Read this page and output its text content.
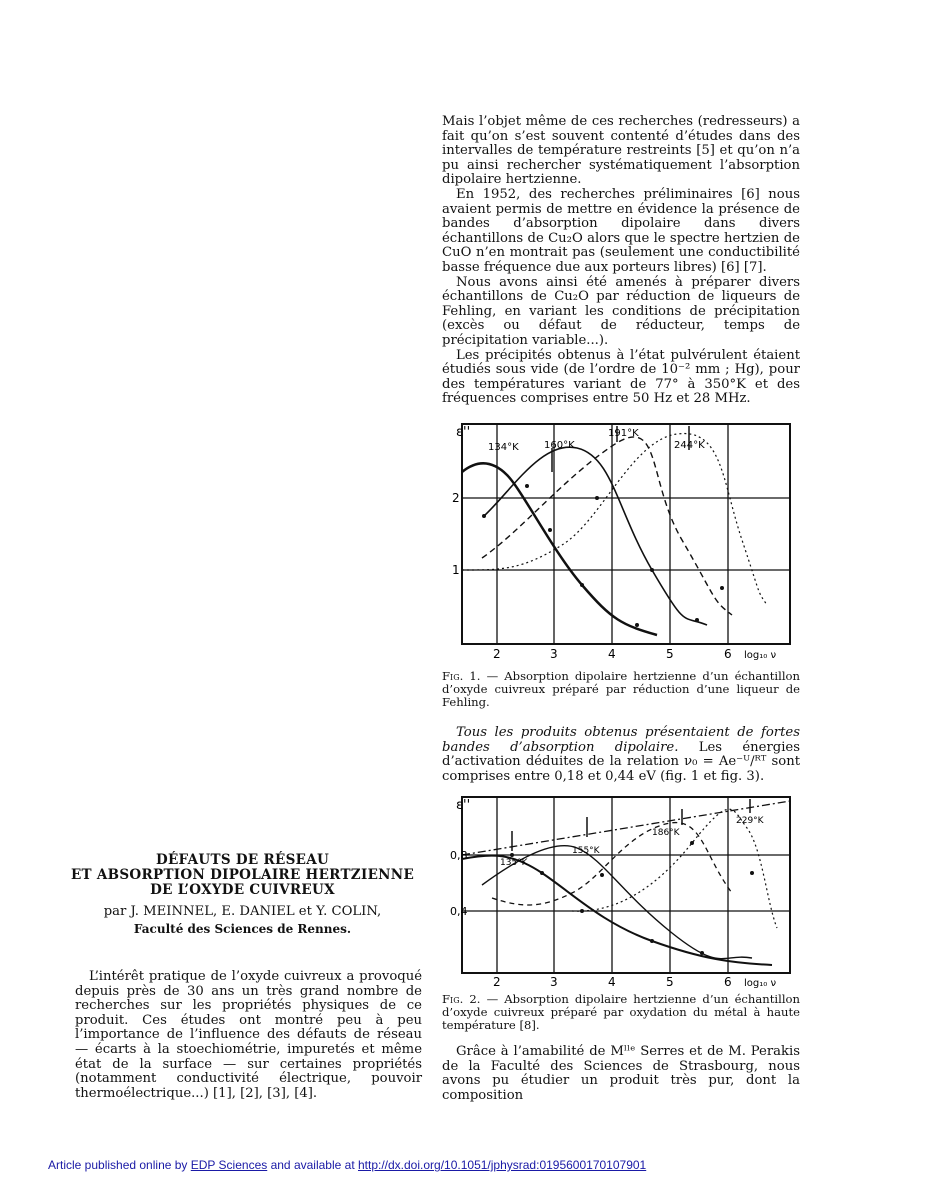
Mais l’objet même de ces recherches (redresseurs) a fait qu’on s’est souvent contenté d’études dans des intervalles de température restreints [5] et qu’on n’a pu ainsi rechercher systématiquement l’absorption dipolaire hertzienne.

En 1952, des recherches préliminaires [6] nous avaient permis de mettre en évidence la présence de bandes d’absorption dipolaire dans divers échantillons de Cu₂O alors que le spectre hertzien de CuO n’en montrait pas (seulement une conductibilité basse fréquence due aux porteurs libres) [6] [7].

Nous avons ainsi été amenés à préparer divers échantillons de Cu₂O par réduction de liqueurs de Fehling, en variant les conditions de précipitation (excès ou défaut de réducteur, temps de précipitation variable...).

Les précipités obtenus à l’état pulvérulent étaient étudiés sous vide (de l’ordre de 10⁻² mm ; Hg), pour des températures variant de 77° à 350°K et des fréquences comprises entre 50 Hz et 28 MHz.

ε''
2
1
2	3	4	5	6 log₁₀ ν
134°K	160°K
191°K
244°K
Fig. 1. — Absorption dipolaire hertzienne d’un échantillon d’oxyde cuivreux préparé par réduction d’une liqueur de Fehling.

Tous les produits obtenus présentaient de fortes bandes d’absorption dipolaire. Les énergies d’activation déduites de la relation ν₀ = Ae⁻ᵁ/ᴿᵀ sont comprises entre 0,18 et 0,44 eV (fig. 1 et fig. 3).

ε''
0,8
0,4
2	3	4	5	6 log₁₀ ν
135°K
155°K
186°K
229°K
Fig. 2. — Absorption dipolaire hertzienne d’un échantillon d’oxyde cuivreux préparé par oxydation du métal à haute température [8].

Grâce à l’amabilité de Mˡˡᵉ Serres et de M. Perakis de la Faculté des Sciences de Strasbourg, nous avons pu étudier un produit très pur, dont la composition

DÉFAUTS DE RÉSEAU
ET ABSORPTION DIPOLAIRE HERTZIENNE
DE L’OXYDE CUIVREUX
par J. MEINNEL, E. DANIEL et Y. COLIN,
Faculté des Sciences de Rennes.

L’intérêt pratique de l’oxyde cuivreux a provoqué depuis près de 30 ans un très grand nombre de recherches sur les propriétés physiques de ce produit. Ces études ont montré peu à peu l’importance de l’influence des défauts de réseau — écarts à la stoechiométrie, impuretés et même état de la surface — sur certaines propriétés (notamment conductivité électrique, pouvoir thermoélectrique...) [1], [2], [3], [4].

Article published online by EDP Sciences and available at http://dx.doi.org/10.1051/jphysrad:0195600170107901
